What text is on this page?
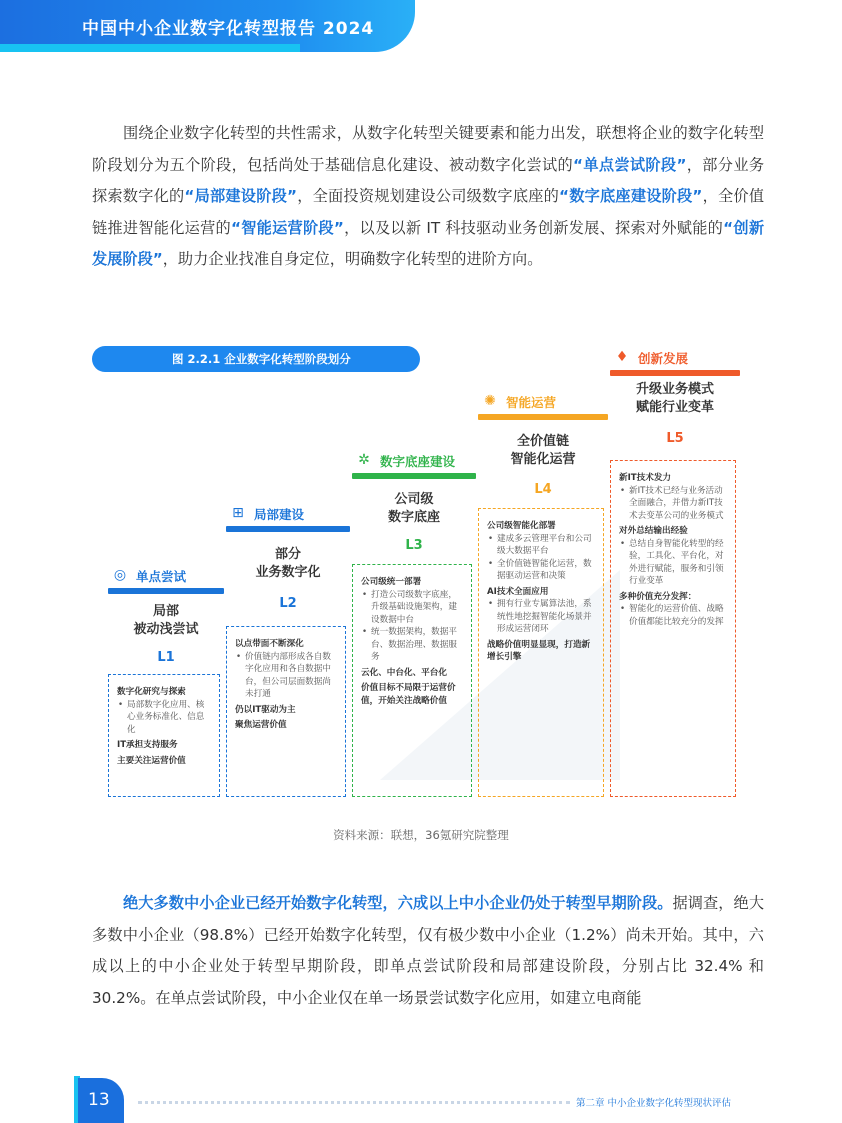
中国中小企业数字化转型报告 2024
围绕企业数字化转型的共性需求，从数字化转型关键要素和能力出发，联想将企业的数字化转型阶段划分为五个阶段，包括尚处于基础信息化建设、被动数字化尝试的“单点尝试阶段”，部分业务探索数字化的“局部建设阶段”，全面投资规划建设公司级数字底座的“数字底座建设阶段”，全价值链推进智能化运营的“智能运营阶段”，以及以新 IT 科技驱动业务创新发展、探索对外赋能的“创新发展阶段”，助力企业找准自身定位，明确数字化转型的进阶方向。
图 2.2.1 企业数字化转型阶段划分
◎ 单点尝试
局部
被动浅尝试
L1
数字化研究与探索
• 局部数字化应用、核心业务标准化、信息化
IT承担支持服务
主要关注运营价值
⊞ 局部建设
部分
业务数字化
L2
以点带面不断深化
• 价值链内部形成各自数字化应用和各自数据中台，但公司层面数据尚未打通
仍以IT驱动为主
聚焦运营价值
✲ 数字底座建设
公司级
数字底座
L3
公司级统一部署
• 打造公司级数字底座，升级基础设施架构，建设数据中台
• 统一数据架构，数据平台、数据治理、数据服务
云化、中台化、平台化
价值目标不局限于运营价值，开始关注战略价值
✺ 智能运营
全价值链
智能化运营
L4
公司级智能化部署
• 建成多云管理平台和公司级大数据平台
• 全价值链智能化运营，数据驱动运营和决策
AI技术全面应用
• 拥有行业专属算法池，系统性地挖掘智能化场景并形成运营闭环
战略价值明显显现，打造新增长引擎
♦ 创新发展
升级业务模式
赋能行业变革
L5
新IT技术发力
• 新IT技术已经与业务活动全面融合，并借力新IT技术去变革公司的业务模式
对外总结输出经验
• 总结自身智能化转型的经验，工具化、平台化，对外进行赋能，服务和引领行业变革
多种价值充分发挥：
• 智能化的运营价值、战略价值都能比较充分的发挥
资料来源：联想，36氪研究院整理
绝大多数中小企业已经开始数字化转型，六成以上中小企业仍处于转型早期阶段。据调查，绝大多数中小企业（98.8%）已经开始数字化转型，仅有极少数中小企业（1.2%）尚未开始。其中，六成以上的中小企业处于转型早期阶段，即单点尝试阶段和局部建设阶段，分别占比 32.4% 和 30.2%。在单点尝试阶段，中小企业仅在单一场景尝试数字化应用，如建立电商能
13	第二章 中小企业数字化转型现状评估
